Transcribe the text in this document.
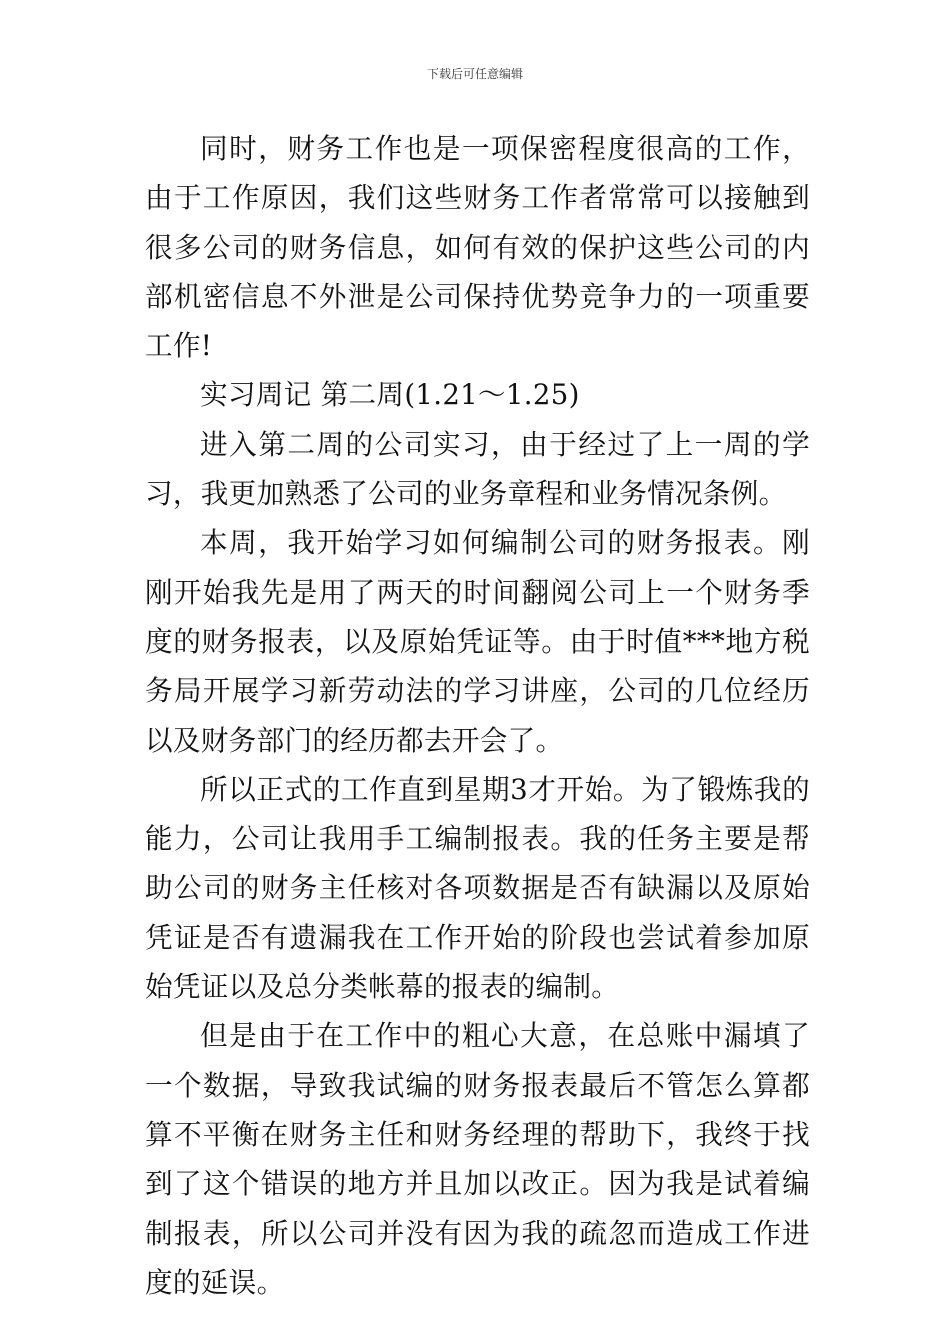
下载后可任意编辑

同时，财务工作也是一项保密程度很高的工作，由于工作原因，我们这些财务工作者常常可以接触到很多公司的财务信息，如何有效的保护这些公司的内部机密信息不外泄是公司保持优势竞争力的一项重要工作!

实习周记 第二周(1.21～1.25)

进入第二周的公司实习，由于经过了上一周的学习，我更加熟悉了公司的业务章程和业务情况条例。

本周，我开始学习如何编制公司的财务报表。刚刚开始我先是用了两天的时间翻阅公司上一个财务季度的财务报表，以及原始凭证等。由于时值***地方税务局开展学习新劳动法的学习讲座，公司的几位经历以及财务部门的经历都去开会了。

所以正式的工作直到星期3才开始。为了锻炼我的能力，公司让我用手工编制报表。我的任务主要是帮助公司的财务主任核对各项数据是否有缺漏以及原始凭证是否有遗漏我在工作开始的阶段也尝试着参加原始凭证以及总分类帐幕的报表的编制。

但是由于在工作中的粗心大意，在总账中漏填了一个数据，导致我试编的财务报表最后不管怎么算都算不平衡在财务主任和财务经理的帮助下，我终于找到了这个错误的地方并且加以改正。因为我是试着编制报表，所以公司并没有因为我的疏忽而造成工作进度的延误。
